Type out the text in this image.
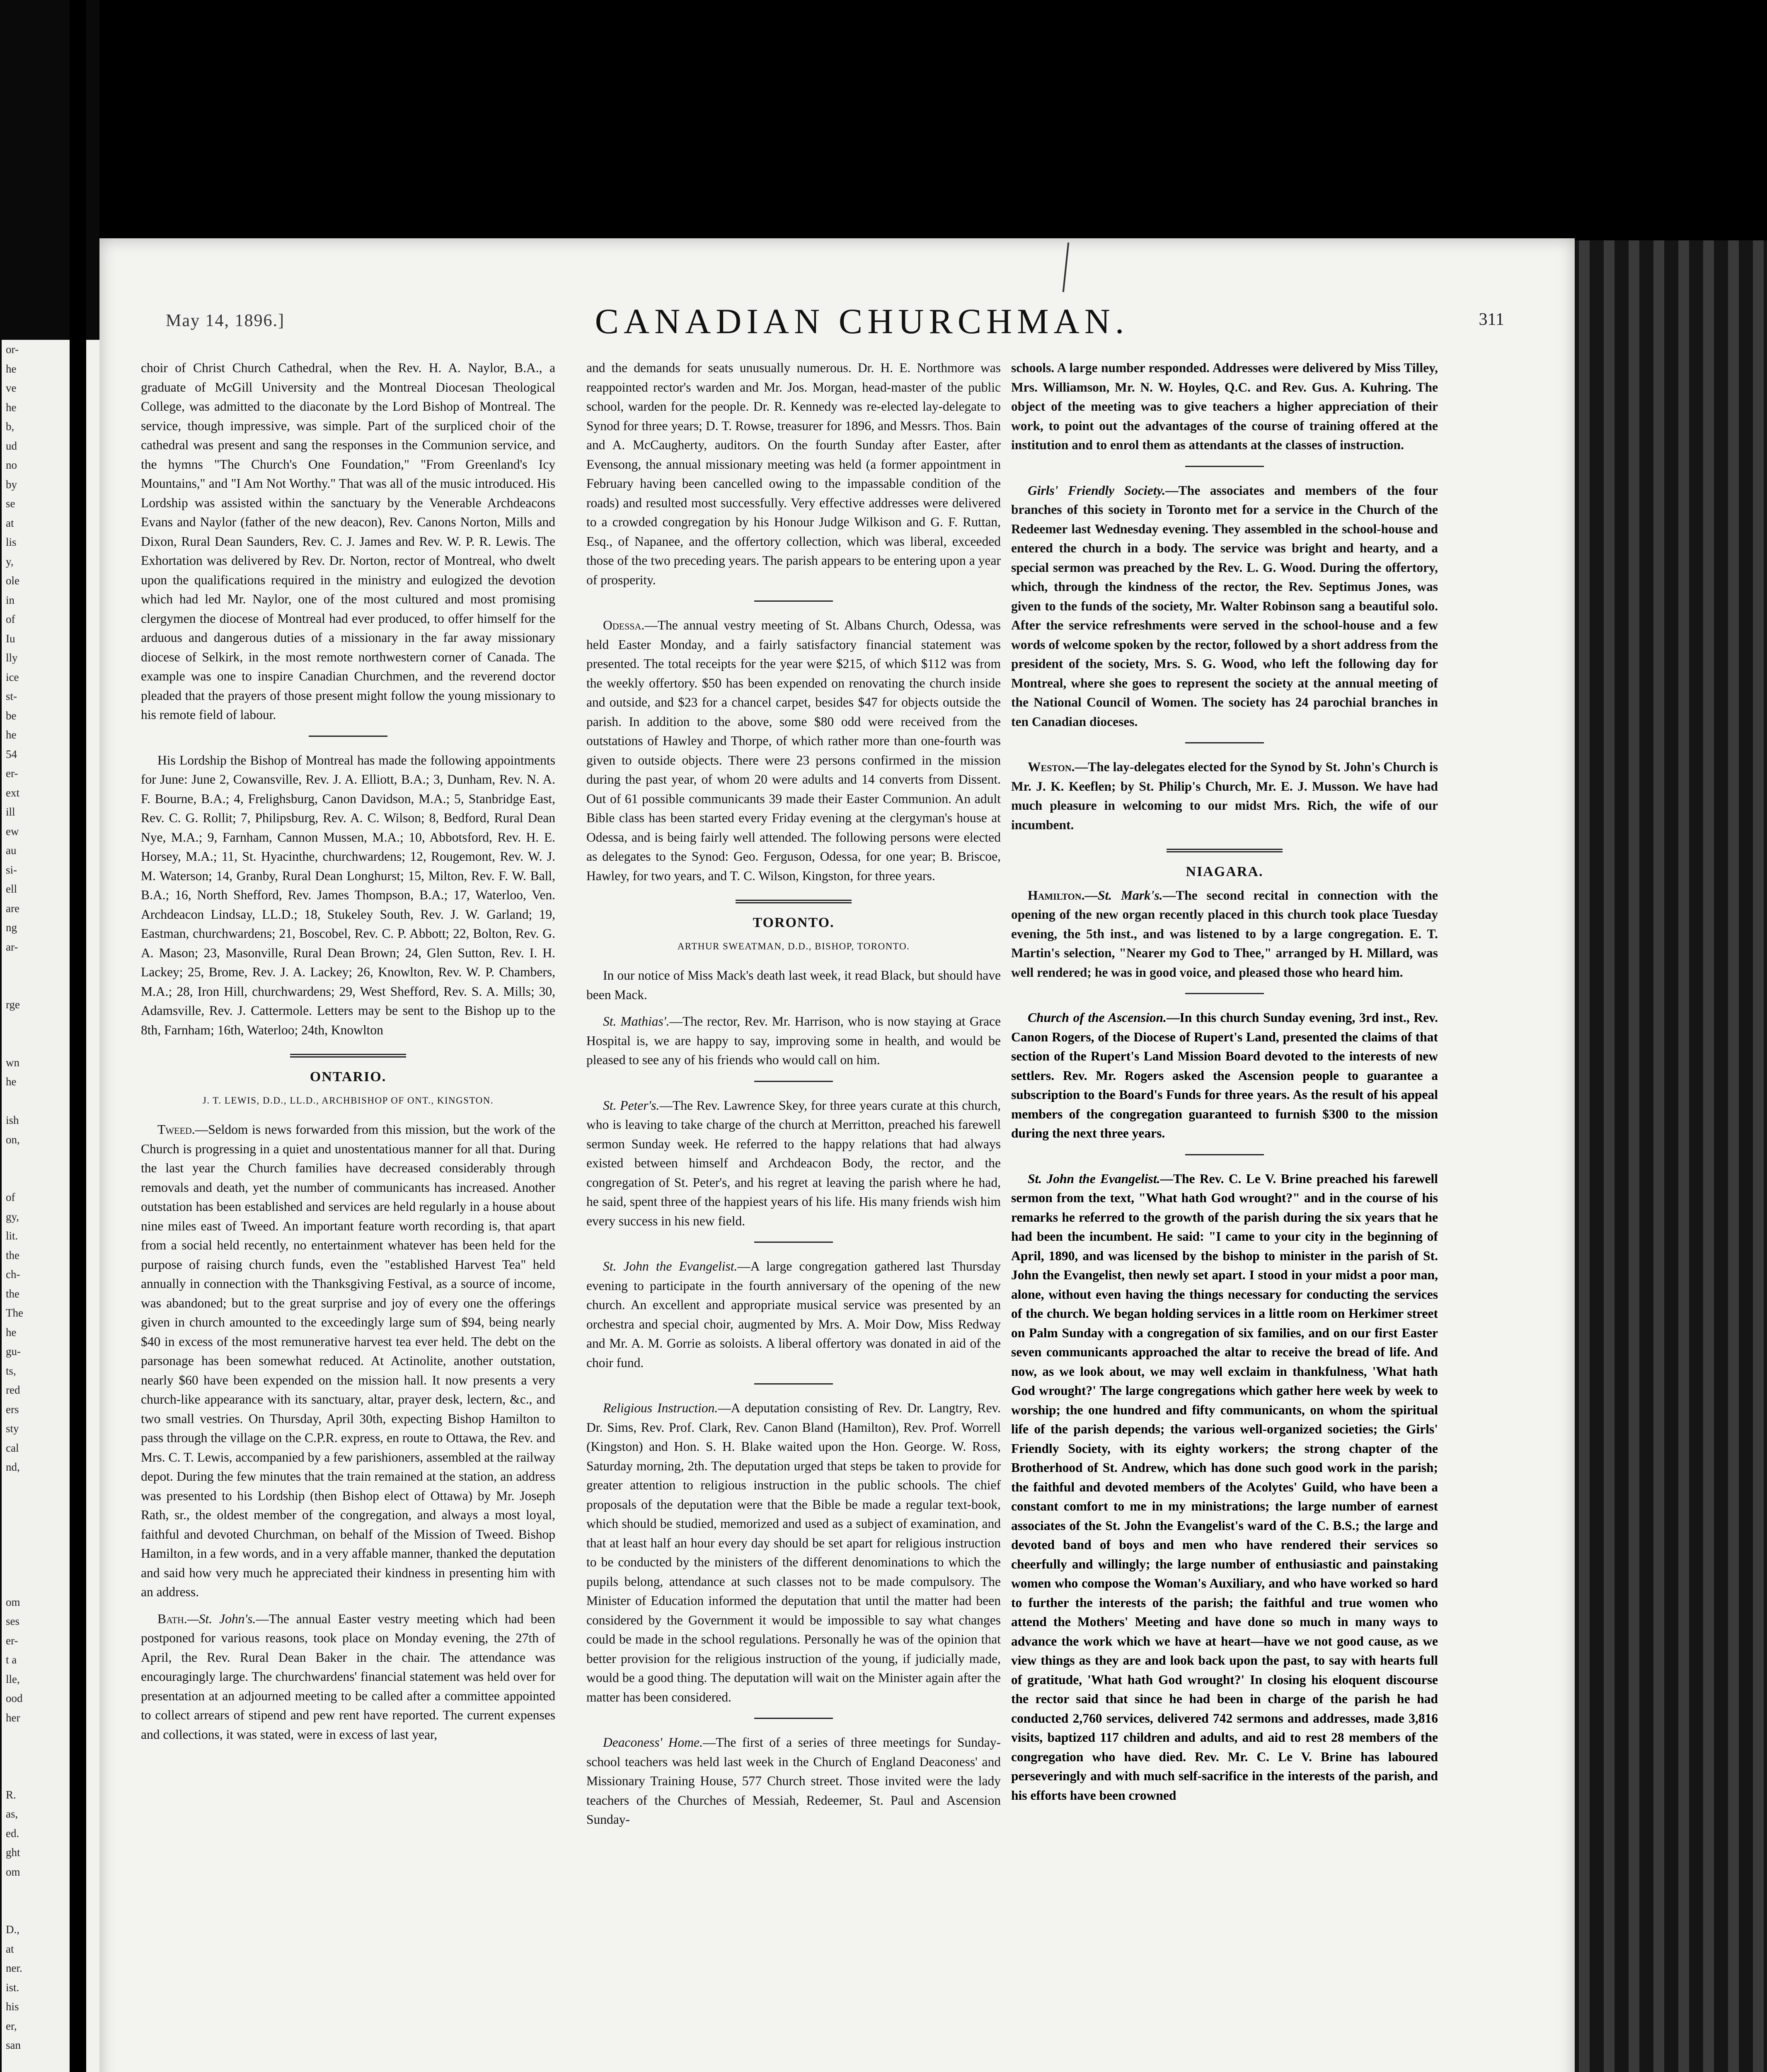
or-
he
ve
he
b,
ud
no
by
se
at
lis
y,
ole
in
of
Iu
lly
ice
st-
be
he
54
er-
ext
ill
ew
au
si-
ell
are
ng
ar-
rge
wn
he
ish
on,
of
gy,
lit.
the
ch-
the
The
he
gu-
ts,
red
ers
sty
cal
nd,
om
ses
er-
t a
lle,
ood
her
R.
as,
ed.
ght
om
D.,
at
ner.
ist.
his
er,
san
May 14, 1896.]	CANADIAN CHURCHMAN.	311

choir of Christ Church Cathedral, when the Rev. H. A. Naylor, B.A., a graduate of McGill University and the Montreal Diocesan Theological College, was admitted to the diaconate by the Lord Bishop of Montreal. The service, though impressive, was simple. Part of the surpliced choir of the cathedral was present and sang the responses in the Communion service, and the hymns "The Church's One Foundation," "From Greenland's Icy Mountains," and "I Am Not Worthy." That was all of the music introduced. His Lordship was assisted within the sanctuary by the Venerable Archdeacons Evans and Naylor (father of the new deacon), Rev. Canons Norton, Mills and Dixon, Rural Dean Saunders, Rev. C. J. James and Rev. W. P. R. Lewis. The Exhortation was delivered by Rev. Dr. Norton, rector of Montreal, who dwelt upon the qualifications required in the ministry and eulogized the devotion which had led Mr. Naylor, one of the most cultured and most promising clergymen the diocese of Montreal had ever produced, to offer himself for the arduous and dangerous duties of a missionary in the far away missionary diocese of Selkirk, in the most remote northwestern corner of Canada. The example was one to inspire Canadian Churchmen, and the reverend doctor pleaded that the prayers of those present might follow the young missionary to his remote field of labour.

His Lordship the Bishop of Montreal has made the following appointments for June: June 2, Cowansville, Rev. J. A. Elliott, B.A.; 3, Dunham, Rev. N. A. F. Bourne, B.A.; 4, Frelighsburg, Canon Davidson, M.A.; 5, Stanbridge East, Rev. C. G. Rollit; 7, Philipsburg, Rev. A. C. Wilson; 8, Bedford, Rural Dean Nye, M.A.; 9, Farnham, Cannon Mussen, M.A.; 10, Abbotsford, Rev. H. E. Horsey, M.A.; 11, St. Hyacinthe, churchwardens; 12, Rougemont, Rev. W. J. M. Waterson; 14, Granby, Rural Dean Longhurst; 15, Milton, Rev. F. W. Ball, B.A.; 16, North Shefford, Rev. James Thompson, B.A.; 17, Waterloo, Ven. Archdeacon Lindsay, LL.D.; 18, Stukeley South, Rev. J. W. Garland; 19, Eastman, churchwardens; 21, Boscobel, Rev. C. P. Abbott; 22, Bolton, Rev. G. A. Mason; 23, Masonville, Rural Dean Brown; 24, Glen Sutton, Rev. I. H. Lackey; 25, Brome, Rev. J. A. Lackey; 26, Knowlton, Rev. W. P. Chambers, M.A.; 28, Iron Hill, churchwardens; 29, West Shefford, Rev. S. A. Mills; 30, Adamsville, Rev. J. Cattermole. Letters may be sent to the Bishop up to the 8th, Farnham; 16th, Waterloo; 24th, Knowlton

ONTARIO.
J. T. LEWIS, D.D., LL.D., ARCHBISHOP OF ONT., KINGSTON.

Tweed.—Seldom is news forwarded from this mission, but the work of the Church is progressing in a quiet and unostentatious manner for all that. During the last year the Church families have decreased considerably through removals and death, yet the number of communicants has increased. Another outstation has been established and services are held regularly in a house about nine miles east of Tweed. An important feature worth recording is, that apart from a social held recently, no entertainment whatever has been held for the purpose of raising church funds, even the "established Harvest Tea" held annually in connection with the Thanksgiving Festival, as a source of income, was abandoned; but to the great surprise and joy of every one the offerings given in church amounted to the exceedingly large sum of $94, being nearly $40 in excess of the most remunerative harvest tea ever held. The debt on the parsonage has been somewhat reduced. At Actinolite, another outstation, nearly $60 have been expended on the mission hall. It now presents a very church-like appearance with its sanctuary, altar, prayer desk, lectern, &c., and two small vestries. On Thursday, April 30th, expecting Bishop Hamilton to pass through the village on the C.P.R. express, en route to Ottawa, the Rev. and Mrs. C. T. Lewis, accompanied by a few parishioners, assembled at the railway depot. During the few minutes that the train remained at the station, an address was presented to his Lordship (then Bishop elect of Ottawa) by Mr. Joseph Rath, sr., the oldest member of the congregation, and always a most loyal, faithful and devoted Churchman, on behalf of the Mission of Tweed. Bishop Hamilton, in a few words, and in a very affable manner, thanked the deputation and said how very much he appreciated their kindness in presenting him with an address.

Bath.—St. John's.—The annual Easter vestry meeting which had been postponed for various reasons, took place on Monday evening, the 27th of April, the Rev. Rural Dean Baker in the chair. The attendance was encouragingly large. The churchwardens' financial statement was held over for presentation at an adjourned meeting to be called after a committee appointed to collect arrears of stipend and pew rent have reported. The current expenses and collections, it was stated, were in excess of last year,

and the demands for seats unusually numerous. Dr. H. E. Northmore was reappointed rector's warden and Mr. Jos. Morgan, head-master of the public school, warden for the people. Dr. R. Kennedy was re-elected lay-delegate to Synod for three years; D. T. Rowse, treasurer for 1896, and Messrs. Thos. Bain and A. McCaugherty, auditors. On the fourth Sunday after Easter, after Evensong, the annual missionary meeting was held (a former appointment in February having been cancelled owing to the impassable condition of the roads) and resulted most successfully. Very effective addresses were delivered to a crowded congregation by his Honour Judge Wilkison and G. F. Ruttan, Esq., of Napanee, and the offertory collection, which was liberal, exceeded those of the two preceding years. The parish appears to be entering upon a year of prosperity.

Odessa.—The annual vestry meeting of St. Albans Church, Odessa, was held Easter Monday, and a fairly satisfactory financial statement was presented. The total receipts for the year were $215, of which $112 was from the weekly offertory. $50 has been expended on renovating the church inside and outside, and $23 for a chancel carpet, besides $47 for objects outside the parish. In addition to the above, some $80 odd were received from the outstations of Hawley and Thorpe, of which rather more than one-fourth was given to outside objects. There were 23 persons confirmed in the mission during the past year, of whom 20 were adults and 14 converts from Dissent. Out of 61 possible communicants 39 made their Easter Communion. An adult Bible class has been started every Friday evening at the clergyman's house at Odessa, and is being fairly well attended. The following persons were elected as delegates to the Synod: Geo. Ferguson, Odessa, for one year; B. Briscoe, Hawley, for two years, and T. C. Wilson, Kingston, for three years.

TORONTO.
ARTHUR SWEATMAN, D.D., BISHOP, TORONTO.

In our notice of Miss Mack's death last week, it read Black, but should have been Mack.

St. Mathias'.—The rector, Rev. Mr. Harrison, who is now staying at Grace Hospital is, we are happy to say, improving some in health, and would be pleased to see any of his friends who would call on him.

St. Peter's.—The Rev. Lawrence Skey, for three years curate at this church, who is leaving to take charge of the church at Merritton, preached his farewell sermon Sunday week. He referred to the happy relations that had always existed between himself and Archdeacon Body, the rector, and the congregation of St. Peter's, and his regret at leaving the parish where he had, he said, spent three of the happiest years of his life. His many friends wish him every success in his new field.

St. John the Evangelist.—A large congregation gathered last Thursday evening to participate in the fourth anniversary of the opening of the new church. An excellent and appropriate musical service was presented by an orchestra and special choir, augmented by Mrs. A. Moir Dow, Miss Redway and Mr. A. M. Gorrie as soloists. A liberal offertory was donated in aid of the choir fund.

Religious Instruction.—A deputation consisting of Rev. Dr. Langtry, Rev. Dr. Sims, Rev. Prof. Clark, Rev. Canon Bland (Hamilton), Rev. Prof. Worrell (Kingston) and Hon. S. H. Blake waited upon the Hon. George. W. Ross, Saturday morning, 2th. The deputation urged that steps be taken to provide for greater attention to religious instruction in the public schools. The chief proposals of the deputation were that the Bible be made a regular text-book, which should be studied, memorized and used as a subject of examination, and that at least half an hour every day should be set apart for religious instruction to be conducted by the ministers of the different denominations to which the pupils belong, attendance at such classes not to be made compulsory. The Minister of Education informed the deputation that until the matter had been considered by the Government it would be impossible to say what changes could be made in the school regulations. Personally he was of the opinion that better provision for the religious instruction of the young, if judicially made, would be a good thing. The deputation will wait on the Minister again after the matter has been considered.

Deaconess' Home.—The first of a series of three meetings for Sunday-school teachers was held last week in the Church of England Deaconess' and Missionary Training House, 577 Church street. Those invited were the lady teachers of the Churches of Messiah, Redeemer, St. Paul and Ascension Sunday-

schools. A large number responded. Addresses were delivered by Miss Tilley, Mrs. Williamson, Mr. N. W. Hoyles, Q.C. and Rev. Gus. A. Kuhring. The object of the meeting was to give teachers a higher appreciation of their work, to point out the advantages of the course of training offered at the institution and to enrol them as attendants at the classes of instruction.

Girls' Friendly Society.—The associates and members of the four branches of this society in Toronto met for a service in the Church of the Redeemer last Wednesday evening. They assembled in the school-house and entered the church in a body. The service was bright and hearty, and a special sermon was preached by the Rev. L. G. Wood. During the offertory, which, through the kindness of the rector, the Rev. Septimus Jones, was given to the funds of the society, Mr. Walter Robinson sang a beautiful solo. After the service refreshments were served in the school-house and a few words of welcome spoken by the rector, followed by a short address from the president of the society, Mrs. S. G. Wood, who left the following day for Montreal, where she goes to represent the society at the annual meeting of the National Council of Women. The society has 24 parochial branches in ten Canadian dioceses.

Weston.—The lay-delegates elected for the Synod by St. John's Church is Mr. J. K. Keeflen; by St. Philip's Church, Mr. E. J. Musson. We have had much pleasure in welcoming to our midst Mrs. Rich, the wife of our incumbent.

NIAGARA.

Hamilton.—St. Mark's.—The second recital in connection with the opening of the new organ recently placed in this church took place Tuesday evening, the 5th inst., and was listened to by a large congregation. E. T. Martin's selection, "Nearer my God to Thee," arranged by H. Millard, was well rendered; he was in good voice, and pleased those who heard him.

Church of the Ascension.—In this church Sunday evening, 3rd inst., Rev. Canon Rogers, of the Diocese of Rupert's Land, presented the claims of that section of the Rupert's Land Mission Board devoted to the interests of new settlers. Rev. Mr. Rogers asked the Ascension people to guarantee a subscription to the Board's Funds for three years. As the result of his appeal members of the congregation guaranteed to furnish $300 to the mission during the next three years.

St. John the Evangelist.—The Rev. C. Le V. Brine preached his farewell sermon from the text, "What hath God wrought?" and in the course of his remarks he referred to the growth of the parish during the six years that he had been the incumbent. He said: "I came to your city in the beginning of April, 1890, and was licensed by the bishop to minister in the parish of St. John the Evangelist, then newly set apart. I stood in your midst a poor man, alone, without even having the things necessary for conducting the services of the church. We began holding services in a little room on Herkimer street on Palm Sunday with a congregation of six families, and on our first Easter seven communicants approached the altar to receive the bread of life. And now, as we look about, we may well exclaim in thankfulness, 'What hath God wrought?' The large congregations which gather here week by week to worship; the one hundred and fifty communicants, on whom the spiritual life of the parish depends; the various well-organized societies; the Girls' Friendly Society, with its eighty workers; the strong chapter of the Brotherhood of St. Andrew, which has done such good work in the parish; the faithful and devoted members of the Acolytes' Guild, who have been a constant comfort to me in my ministrations; the large number of earnest associates of the St. John the Evangelist's ward of the C. B.S.; the large and devoted band of boys and men who have rendered their services so cheerfully and willingly; the large number of enthusiastic and painstaking women who compose the Woman's Auxiliary, and who have worked so hard to further the interests of the parish; the faithful and true women who attend the Mothers' Meeting and have done so much in many ways to advance the work which we have at heart—have we not good cause, as we view things as they are and look back upon the past, to say with hearts full of gratitude, 'What hath God wrought?' In closing his eloquent discourse the rector said that since he had been in charge of the parish he had conducted 2,760 services, delivered 742 sermons and addresses, made 3,816 visits, baptized 117 children and adults, and aid to rest 28 members of the congregation who have died. Rev. Mr. C. Le V. Brine has laboured perseveringly and with much self-sacrifice in the interests of the parish, and his efforts have been crowned
